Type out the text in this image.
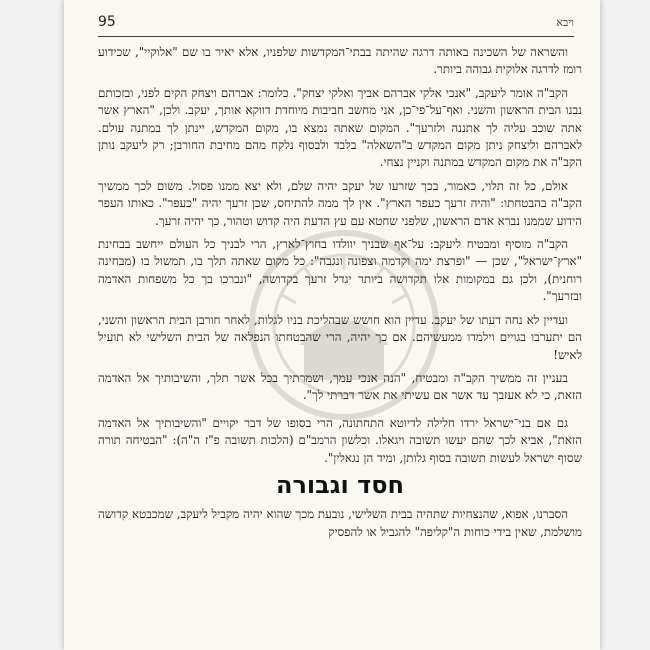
95	ויבא

והשראה של השכינה באותה דרגה שהיתה בבתי־המקדשות שלפניו, אלא יאיר בו שם "אלוקיי", שכידוע רומז לדרגה אלוקית גבוהה ביותר.

הקב"ה אומר ליעקב, "אנכי אלקי אברהם אביך ואלקי יצחק". כלומר: אברהם ויצחק הקים לפני, ובזכותם נבנו הבית הראשון והשני. ואף־על־פי־כן, אני מחשב חביבות מיוחדת דווקא אותך, יעקב. ולכן, "הארץ אשר אתה שוכב עליה לך אתננה ולזרעך". המקום שאתה נמצא בו, מקום המקדש, יינתן לך במתנה עולם. לאברהם וליצחק ניתן מקום המקדש ב"השאלה" בלבד ולבסוף נלקח מהם מחיבת החורבן; רק ליעקב נותן הקב"ה את מקום המקדש במתנה וקניין נצחי.

אולם, כל זה תלוי, כאמור, בכך שזרעו של יעקב יהיה שלם, ולא יצא ממנו פסול. משום לכך ממשיך הקב"ה בהבטחתו: "והיה זרעך כעפר הארץ". אין לך ממה להתיחס, שכן זרעך יהיה "כעפר". כאותו העפר הידוע שממנו נברא אדם הראשון, שלפני שחטא עם עץ הדעת היה קדוש וטהור, כך יהיה זרעך.

הקב"ה מוסיף ומבטיח ליעקב: על־אף שבניך יוולדו בחוץ־לארץ, הרי לבניך כל העולם ייחשב בבחינת "ארץ־ישראל", שכן — "ופרצת ימה וקדמה וצפונה ונגבה": כל מקום שאתה תלך בו, תמשול בו (מבחינה רוחנית), ולכן גם במקומות אלו תקדושה ביותר יגדל זרעך בקדושה, "ונברכו בך כל משפחות האדמה ובזרעך".

ועדיין לא נחה דעתו של יעקב. עדיין הוא חושש שבהליכת בניו לגלות, לאחר חורבן הבית הראשון והשני, הם יתערבו בגויים וילמדו ממעשיהם. אם כך יהיה, הרי שהבטחתו הנפלאה של הבית השלישי לא תועיל לאיש!

בעניין זה ממשיך הקב"ה ומבטיח, "הנה אנכי עמך, ושמרתיך בכל אשר תלך, והשיבותיך אל האדמה הזאת, כי לא אעזבך עד אשר אם עשיתי את אשר דברתי לך".

גם אם בני־ישראל ירדו חלילה לדיוטא התחתונה, הרי בסופו של דבר יקויים "והשיבותיך אל האדמה הזאת", אביא לכך שהם יעשו תשובה ויגאלו. וכלשון הרמב"ם (הלכות תשובה פ"ז ה"ה): "הבטיחה תורה שסוף ישראל לעשות תשובה בסוף גלותן, ומיד הן נגאלין".

חסד וגבורה

הסברנו, אפוא, שהנצחיות שתהיה בבית השלישי, נובעת מכך שהוא יהיה מקביל ליעקב, שמכבטא קדושה מושלמת, שאין בידי כוחות ה"קליפה" להגביל או להפסיק
